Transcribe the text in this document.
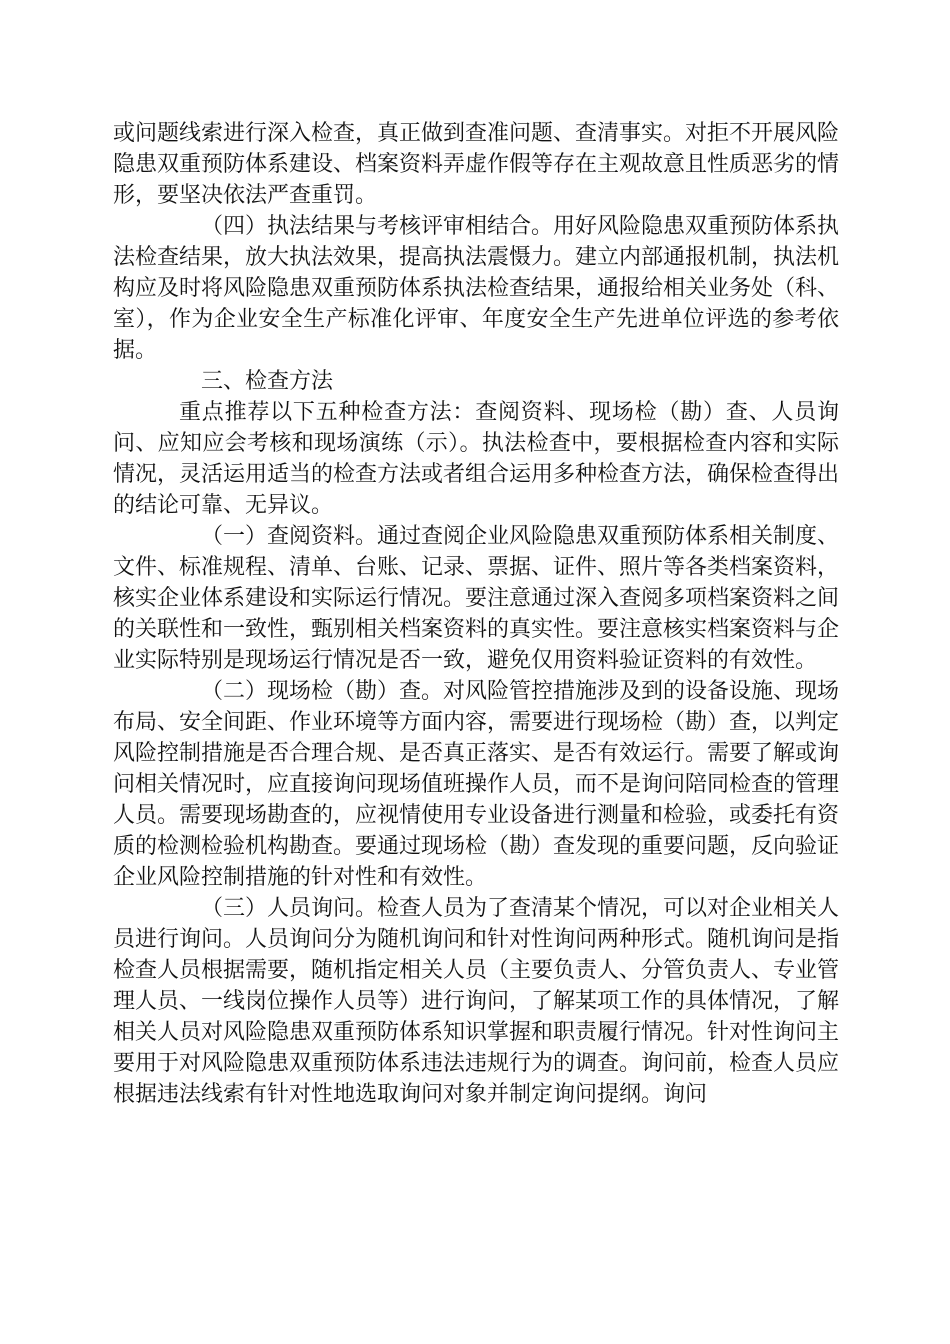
或问题线索进行深入检查，真正做到查准问题、查清事实。对拒不开展风险隐患双重预防体系建设、档案资料弄虚作假等存在主观故意且性质恶劣的情形，要坚决依法严查重罚。

（四）执法结果与考核评审相结合。用好风险隐患双重预防体系执法检查结果，放大执法效果，提高执法震慑力。建立内部通报机制，执法机构应及时将风险隐患双重预防体系执法检查结果，通报给相关业务处（科、室），作为企业安全生产标准化评审、年度安全生产先进单位评选的参考依据。

三、检查方法

重点推荐以下五种检查方法：查阅资料、现场检（勘）查、人员询问、应知应会考核和现场演练（示）。执法检查中，要根据检查内容和实际情况，灵活运用适当的检查方法或者组合运用多种检查方法，确保检查得出的结论可靠、无异议。

（一）查阅资料。通过查阅企业风险隐患双重预防体系相关制度、文件、标准规程、清单、台账、记录、票据、证件、照片等各类档案资料，核实企业体系建设和实际运行情况。要注意通过深入查阅多项档案资料之间的关联性和一致性，甄别相关档案资料的真实性。要注意核实档案资料与企业实际特别是现场运行情况是否一致，避免仅用资料验证资料的有效性。

（二）现场检（勘）查。对风险管控措施涉及到的设备设施、现场布局、安全间距、作业环境等方面内容，需要进行现场检（勘）查，以判定风险控制措施是否合理合规、是否真正落实、是否有效运行。需要了解或询问相关情况时，应直接询问现场值班操作人员，而不是询问陪同检查的管理人员。需要现场勘查的，应视情使用专业设备进行测量和检验，或委托有资质的检测检验机构勘查。要通过现场检（勘）查发现的重要问题，反向验证企业风险控制措施的针对性和有效性。

（三）人员询问。检查人员为了查清某个情况，可以对企业相关人员进行询问。人员询问分为随机询问和针对性询问两种形式。随机询问是指检查人员根据需要，随机指定相关人员（主要负责人、分管负责人、专业管理人员、一线岗位操作人员等）进行询问，了解某项工作的具体情况，了解相关人员对风险隐患双重预防体系知识掌握和职责履行情况。针对性询问主要用于对风险隐患双重预防体系违法违规行为的调查。询问前，检查人员应根据违法线索有针对性地选取询问对象并制定询问提纲。询问
